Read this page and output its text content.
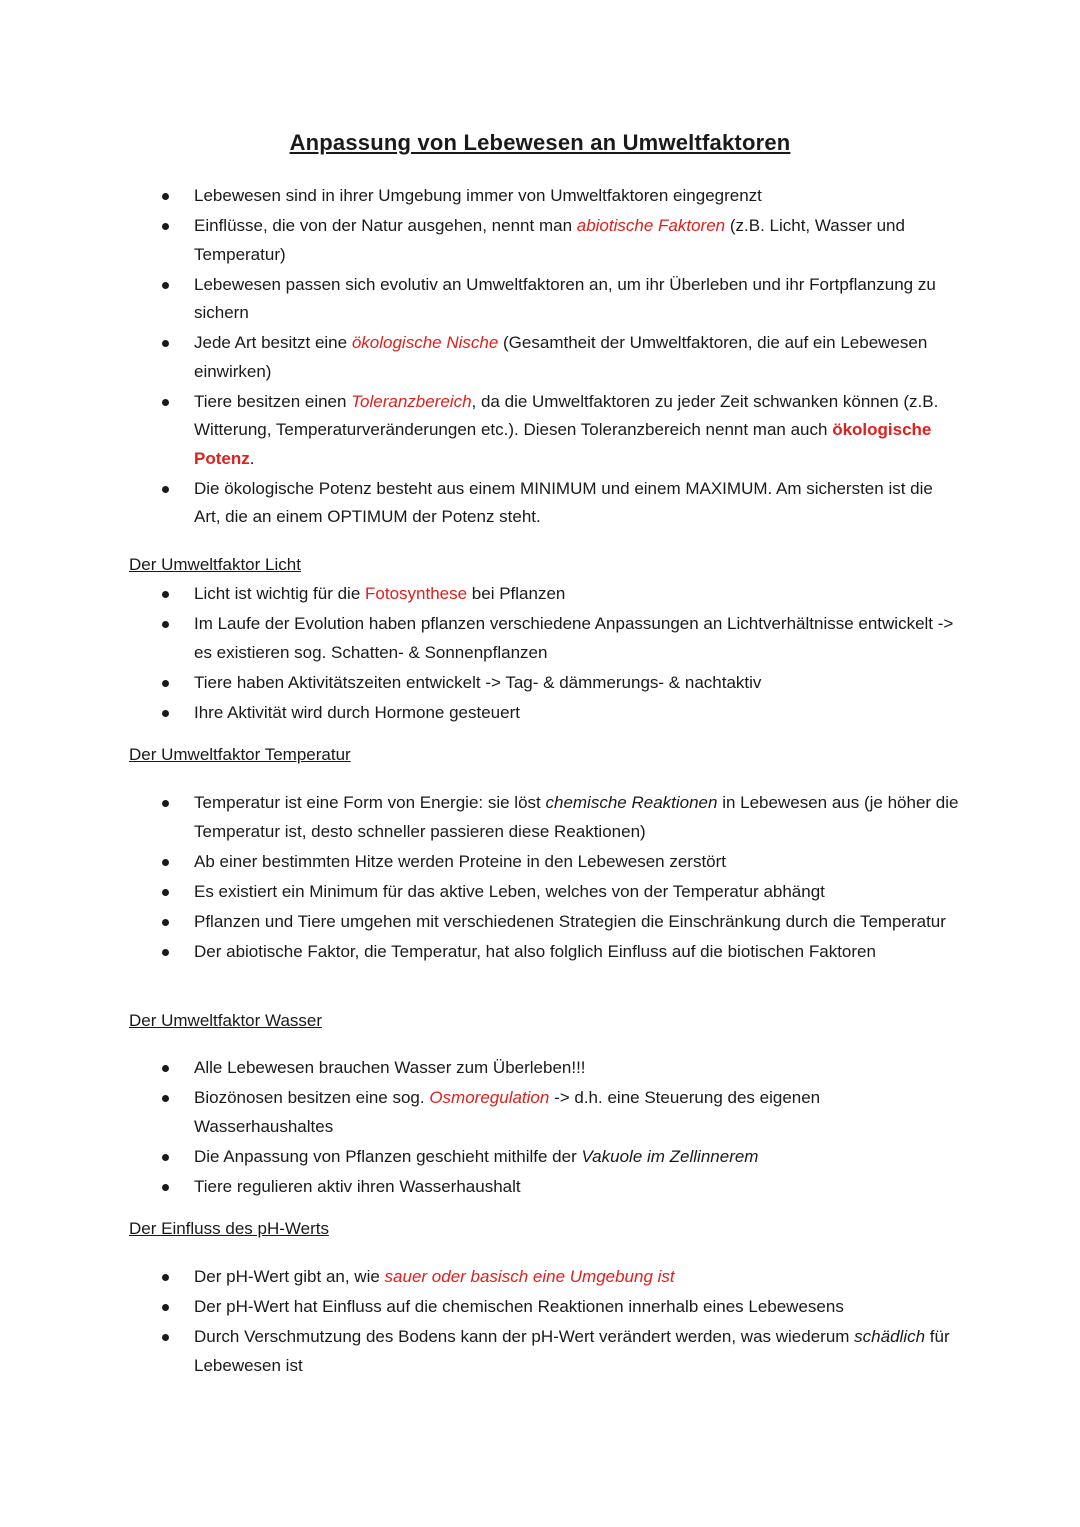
Anpassung von Lebewesen an Umweltfaktoren
Lebewesen sind in ihrer Umgebung immer von Umweltfaktoren eingegrenzt
Einflüsse, die von der Natur ausgehen, nennt man abiotische Faktoren (z.B. Licht, Wasser und Temperatur)
Lebewesen passen sich evolutiv an Umweltfaktoren an, um ihr Überleben und ihr Fortpflanzung zu sichern
Jede Art besitzt eine ökologische Nische (Gesamtheit der Umweltfaktoren, die auf ein Lebewesen einwirken)
Tiere besitzen einen Toleranzbereich, da die Umweltfaktoren zu jeder Zeit schwanken können (z.B. Witterung, Temperaturveränderungen etc.). Diesen Toleranzbereich nennt man auch ökologische Potenz.
Die ökologische Potenz besteht aus einem MINIMUM und einem MAXIMUM. Am sichersten ist die Art, die an einem OPTIMUM der Potenz steht.
Der Umweltfaktor Licht
Licht ist wichtig für die Fotosynthese bei Pflanzen
Im Laufe der Evolution haben pflanzen verschiedene Anpassungen an Lichtverhältnisse entwickelt -> es existieren sog. Schatten- & Sonnenpflanzen
Tiere haben Aktivitätszeiten entwickelt -> Tag- & dämmerungs- & nachtaktiv
Ihre Aktivität wird durch Hormone gesteuert
Der Umweltfaktor Temperatur
Temperatur ist eine Form von Energie: sie löst chemische Reaktionen in Lebewesen aus (je höher die Temperatur ist, desto schneller passieren diese Reaktionen)
Ab einer bestimmten Hitze werden Proteine in den Lebewesen zerstört
Es existiert ein Minimum für das aktive Leben, welches von der Temperatur abhängt
Pflanzen und Tiere umgehen mit verschiedenen Strategien die Einschränkung durch die Temperatur
Der abiotische Faktor, die Temperatur, hat also folglich Einfluss auf die biotischen Faktoren
Der Umweltfaktor Wasser
Alle Lebewesen brauchen Wasser zum Überleben!!!
Biozönosen besitzen eine sog. Osmoregulation -> d.h. eine Steuerung des eigenen Wasserhaushaltes
Die Anpassung von Pflanzen geschieht mithilfe der Vakuole im Zellinnerem
Tiere regulieren aktiv ihren Wasserhaushalt
Der Einfluss des pH-Werts
Der pH-Wert gibt an, wie sauer oder basisch eine Umgebung ist
Der pH-Wert hat Einfluss auf die chemischen Reaktionen innerhalb eines Lebewesens
Durch Verschmutzung des Bodens kann der pH-Wert verändert werden, was wiederum schädlich für Lebewesen ist
